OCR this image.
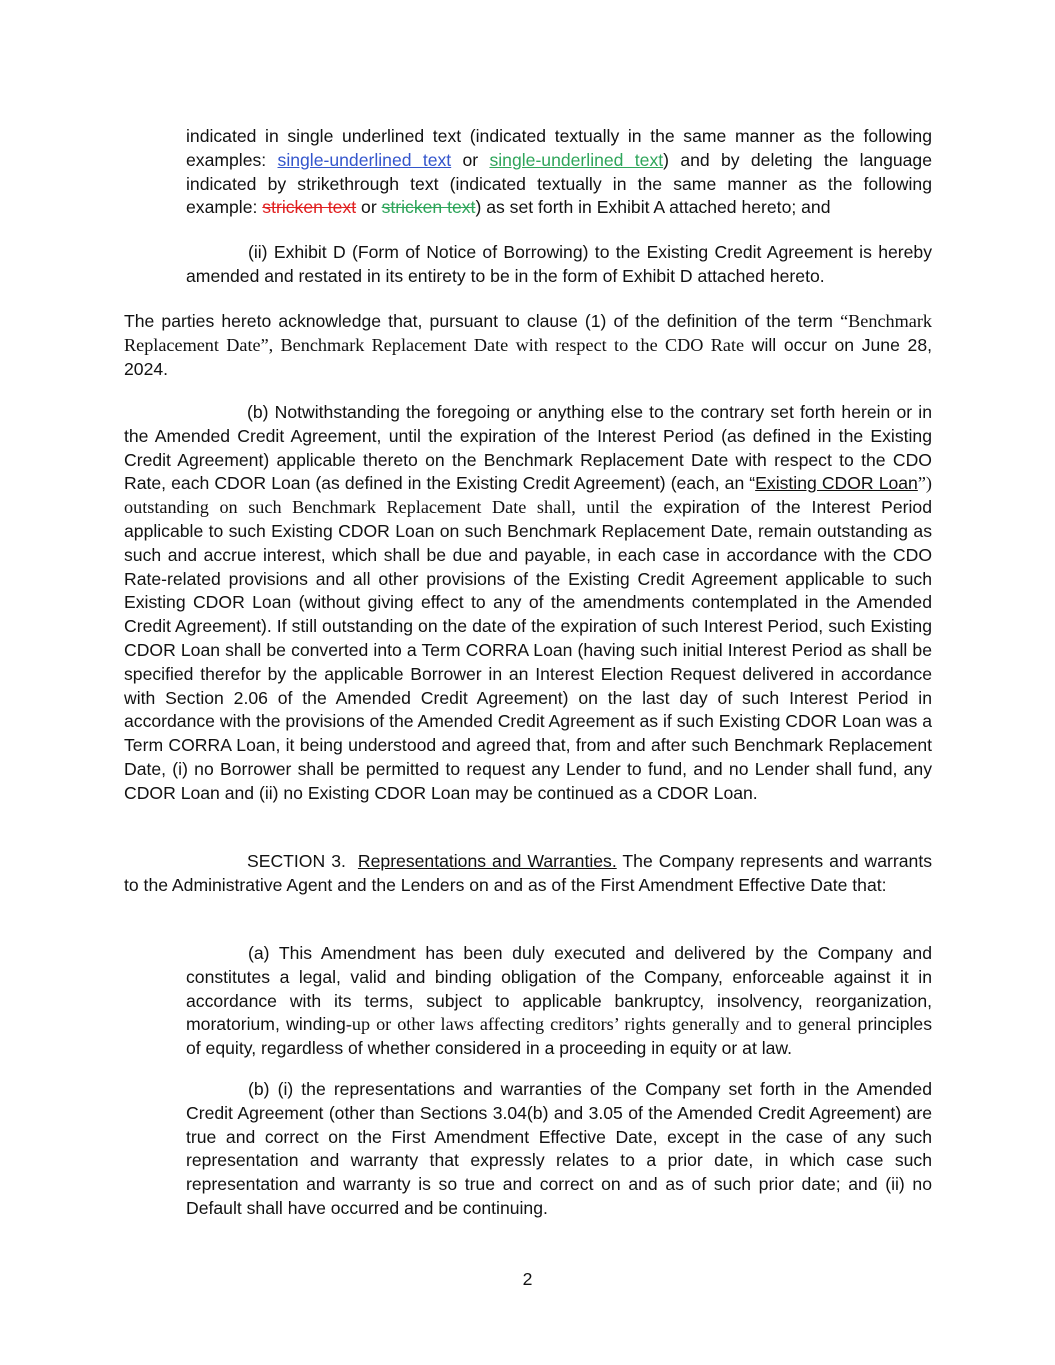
indicated in single underlined text (indicated textually in the same manner as the following examples: single-underlined text or single-underlined text) and by deleting the language indicated by strikethrough text (indicated textually in the same manner as the following example: stricken text or stricken text) as set forth in Exhibit A attached hereto; and

(ii) Exhibit D (Form of Notice of Borrowing) to the Existing Credit Agreement is hereby amended and restated in its entirety to be in the form of Exhibit D attached hereto.

The parties hereto acknowledge that, pursuant to clause (1) of the definition of the term “Benchmark Replacement Date”, Benchmark Replacement Date with respect to the CDO Rate will occur on June 28, 2024.

(b) Notwithstanding the foregoing or anything else to the contrary set forth herein or in the Amended Credit Agreement, until the expiration of the Interest Period (as defined in the Existing Credit Agreement) applicable thereto on the Benchmark Replacement Date with respect to the CDO Rate, each CDOR Loan (as defined in the Existing Credit Agreement) (each, an “Existing CDOR Loan”) outstanding on such Benchmark Replacement Date shall, until the expiration of the Interest Period applicable to such Existing CDOR Loan on such Benchmark Replacement Date, remain outstanding as such and accrue interest, which shall be due and payable, in each case in accordance with the CDO Rate-related provisions and all other provisions of the Existing Credit Agreement applicable to such Existing CDOR Loan (without giving effect to any of the amendments contemplated in the Amended Credit Agreement). If still outstanding on the date of the expiration of such Interest Period, such Existing CDOR Loan shall be converted into a Term CORRA Loan (having such initial Interest Period as shall be specified therefor by the applicable Borrower in an Interest Election Request delivered in accordance with Section 2.06 of the Amended Credit Agreement) on the last day of such Interest Period in accordance with the provisions of the Amended Credit Agreement as if such Existing CDOR Loan was a Term CORRA Loan, it being understood and agreed that, from and after such Benchmark Replacement Date, (i) no Borrower shall be permitted to request any Lender to fund, and no Lender shall fund, any CDOR Loan and (ii) no Existing CDOR Loan may be continued as a CDOR Loan.

SECTION 3. Representations and Warranties. The Company represents and warrants to the Administrative Agent and the Lenders on and as of the First Amendment Effective Date that:

(a) This Amendment has been duly executed and delivered by the Company and constitutes a legal, valid and binding obligation of the Company, enforceable against it in accordance with its terms, subject to applicable bankruptcy, insolvency, reorganization, moratorium, winding-up or other laws affecting creditors’ rights generally and to general principles of equity, regardless of whether considered in a proceeding in equity or at law.

(b) (i) the representations and warranties of the Company set forth in the Amended Credit Agreement (other than Sections 3.04(b) and 3.05 of the Amended Credit Agreement) are true and correct on the First Amendment Effective Date, except in the case of any such representation and warranty that expressly relates to a prior date, in which case such representation and warranty is so true and correct on and as of such prior date; and (ii) no Default shall have occurred and be continuing.

2
